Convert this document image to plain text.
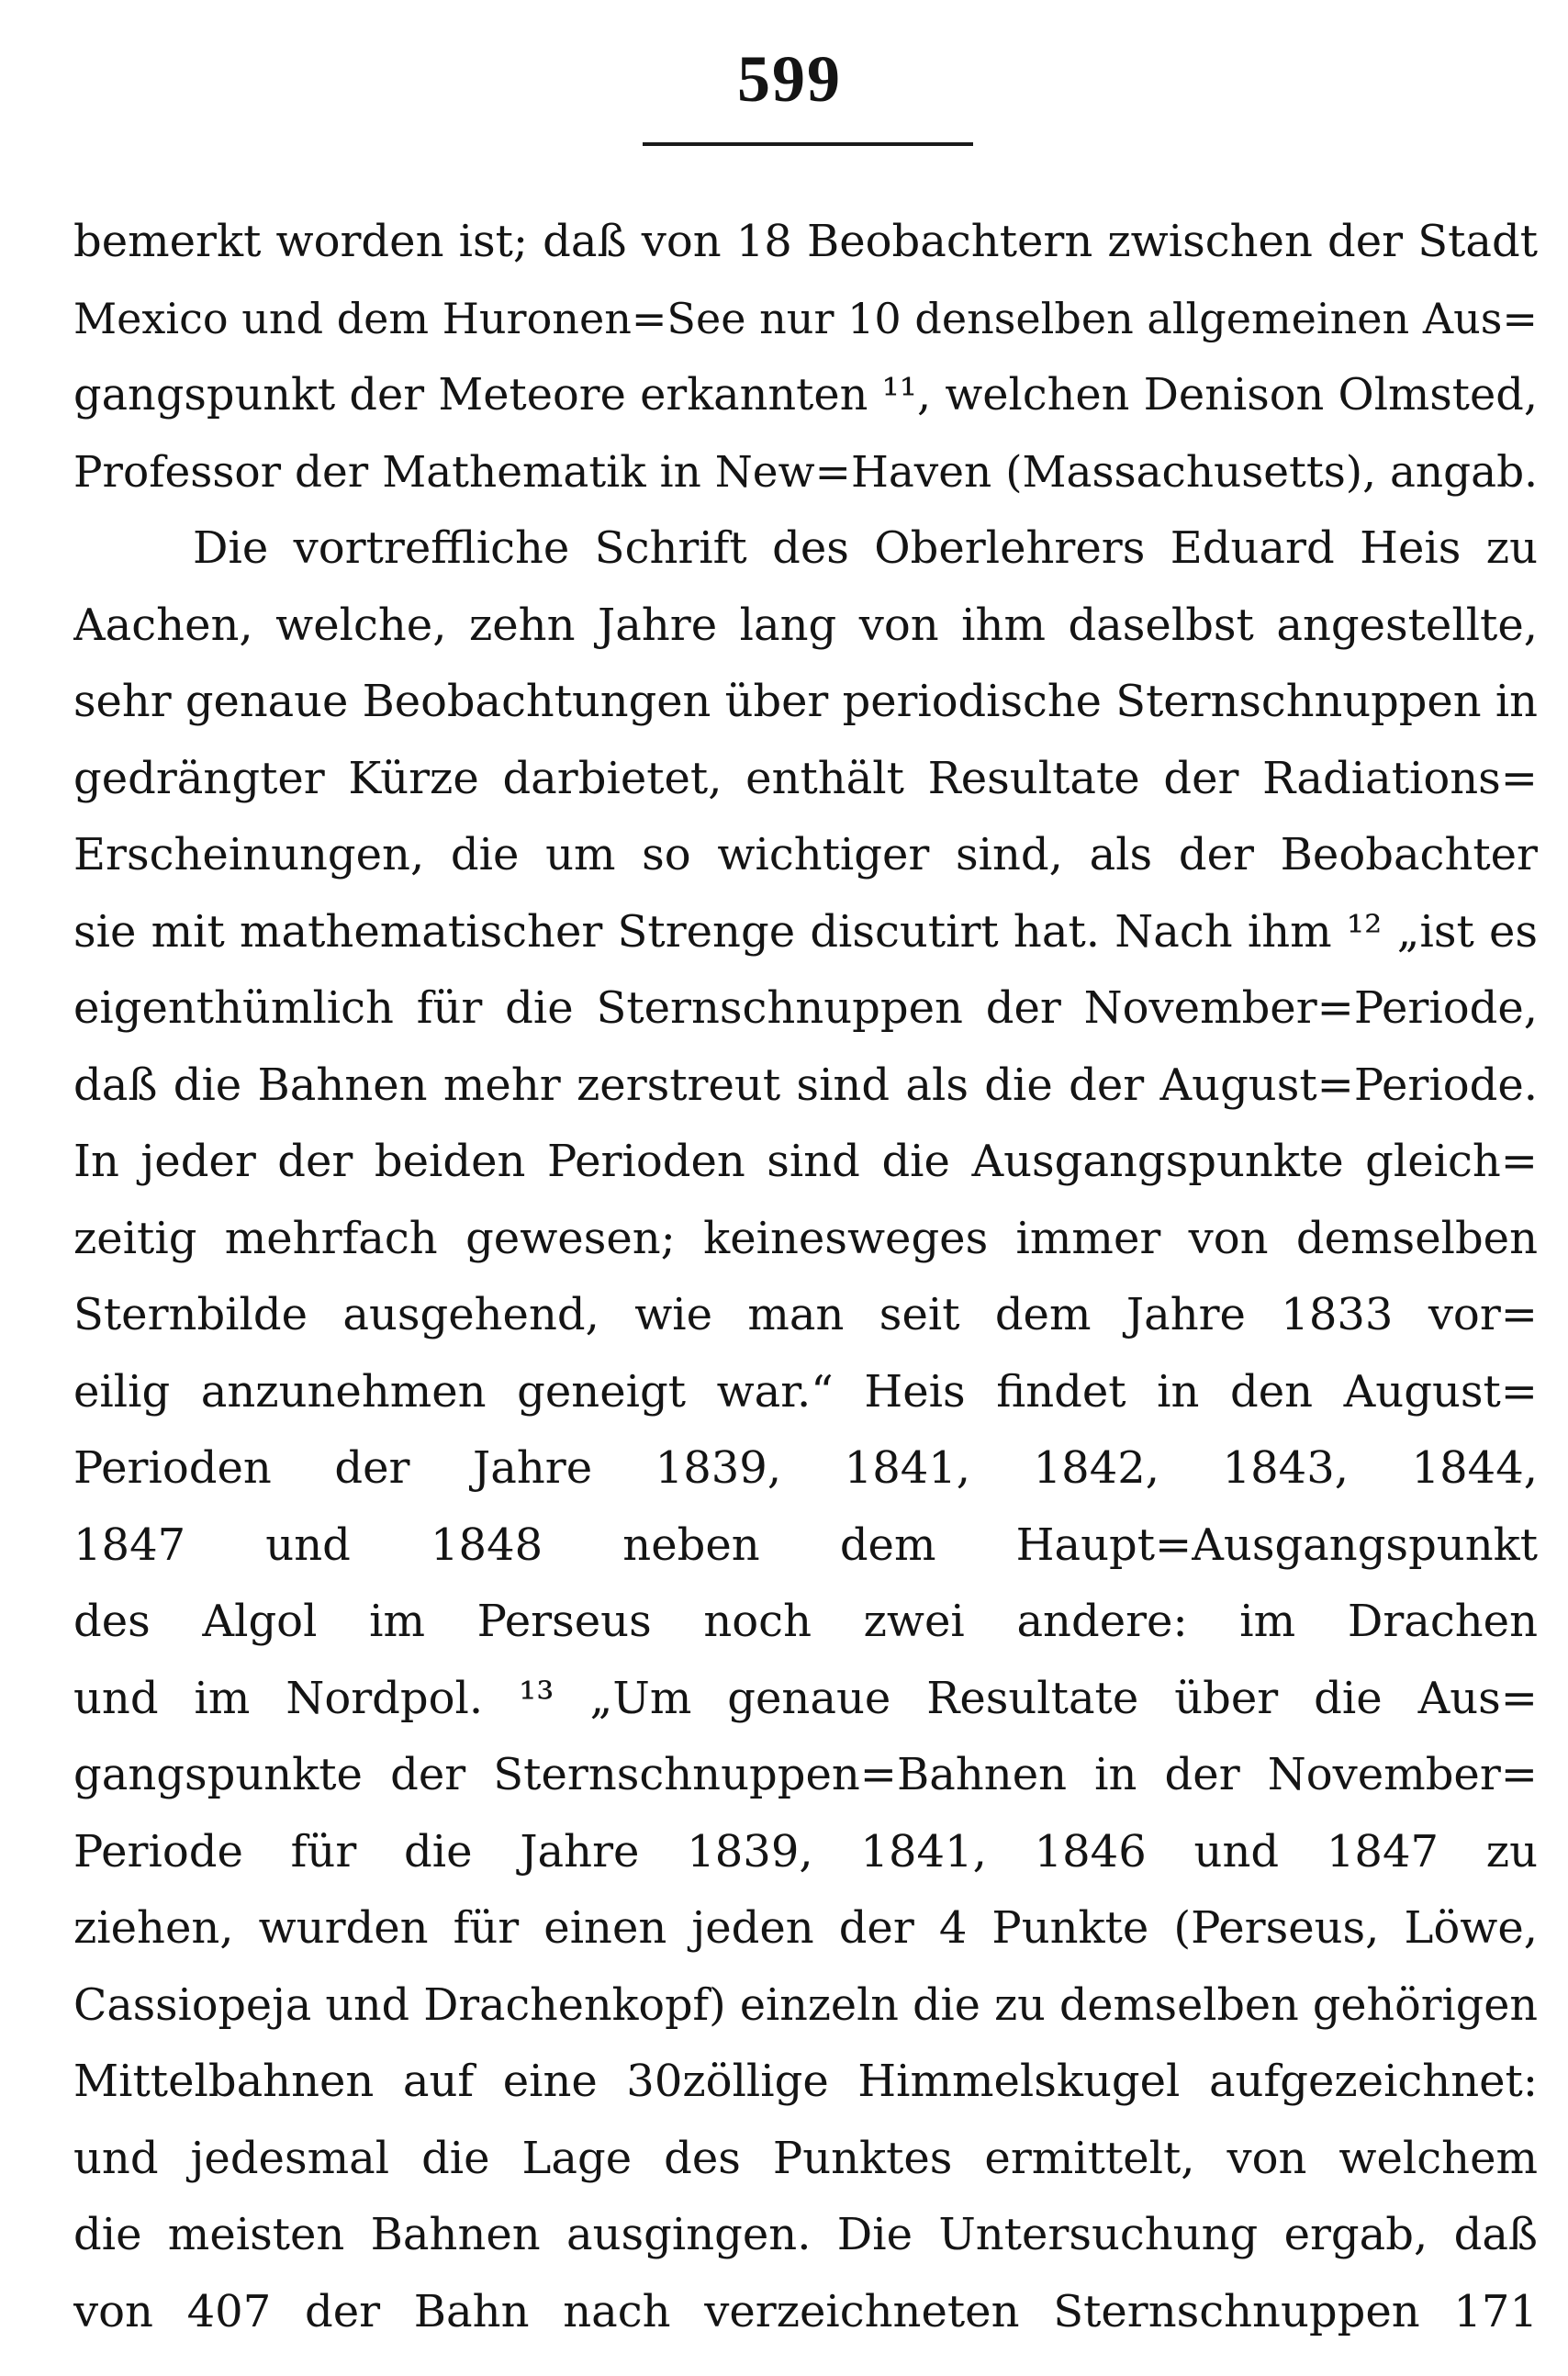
599
bemerkt worden ist; daß von 18 Beobachtern zwischen der Stadt
Mexico und dem Huronen=See nur 10 denselben allgemeinen Aus=
gangspunkt der Meteore erkannten ¹¹, welchen Denison Olmsted,
Professor der Mathematik in New=Haven (Massachusetts), angab.
Die vortreffliche Schrift des Oberlehrers Eduard Heis zu
Aachen, welche, zehn Jahre lang von ihm daselbst angestellte,
sehr genaue Beobachtungen über periodische Sternschnuppen in
gedrängter Kürze darbietet, enthält Resultate der Radiations=
Erscheinungen, die um so wichtiger sind, als der Beobachter
sie mit mathematischer Strenge discutirt hat. Nach ihm ¹² „ist es
eigenthümlich für die Sternschnuppen der November=Periode,
daß die Bahnen mehr zerstreut sind als die der August=Periode.
In jeder der beiden Perioden sind die Ausgangspunkte gleich=
zeitig mehrfach gewesen; keinesweges immer von demselben
Sternbilde ausgehend, wie man seit dem Jahre 1833 vor=
eilig anzunehmen geneigt war.“ Heis findet in den August=
Perioden der Jahre 1839, 1841, 1842, 1843, 1844,
1847 und 1848 neben dem Haupt=Ausgangspunkt
des Algol im Perseus noch zwei andere: im Drachen
und im Nordpol. ¹³ „Um genaue Resultate über die Aus=
gangspunkte der Sternschnuppen=Bahnen in der November=
Periode für die Jahre 1839, 1841, 1846 und 1847 zu
ziehen, wurden für einen jeden der 4 Punkte (Perseus, Löwe,
Cassiopeja und Drachenkopf) einzeln die zu demselben gehörigen
Mittelbahnen auf eine 30zöllige Himmelskugel aufgezeichnet:
und jedesmal die Lage des Punktes ermittelt, von welchem
die meisten Bahnen ausgingen. Die Untersuchung ergab, daß
von 407 der Bahn nach verzeichneten Sternschnuppen 171
